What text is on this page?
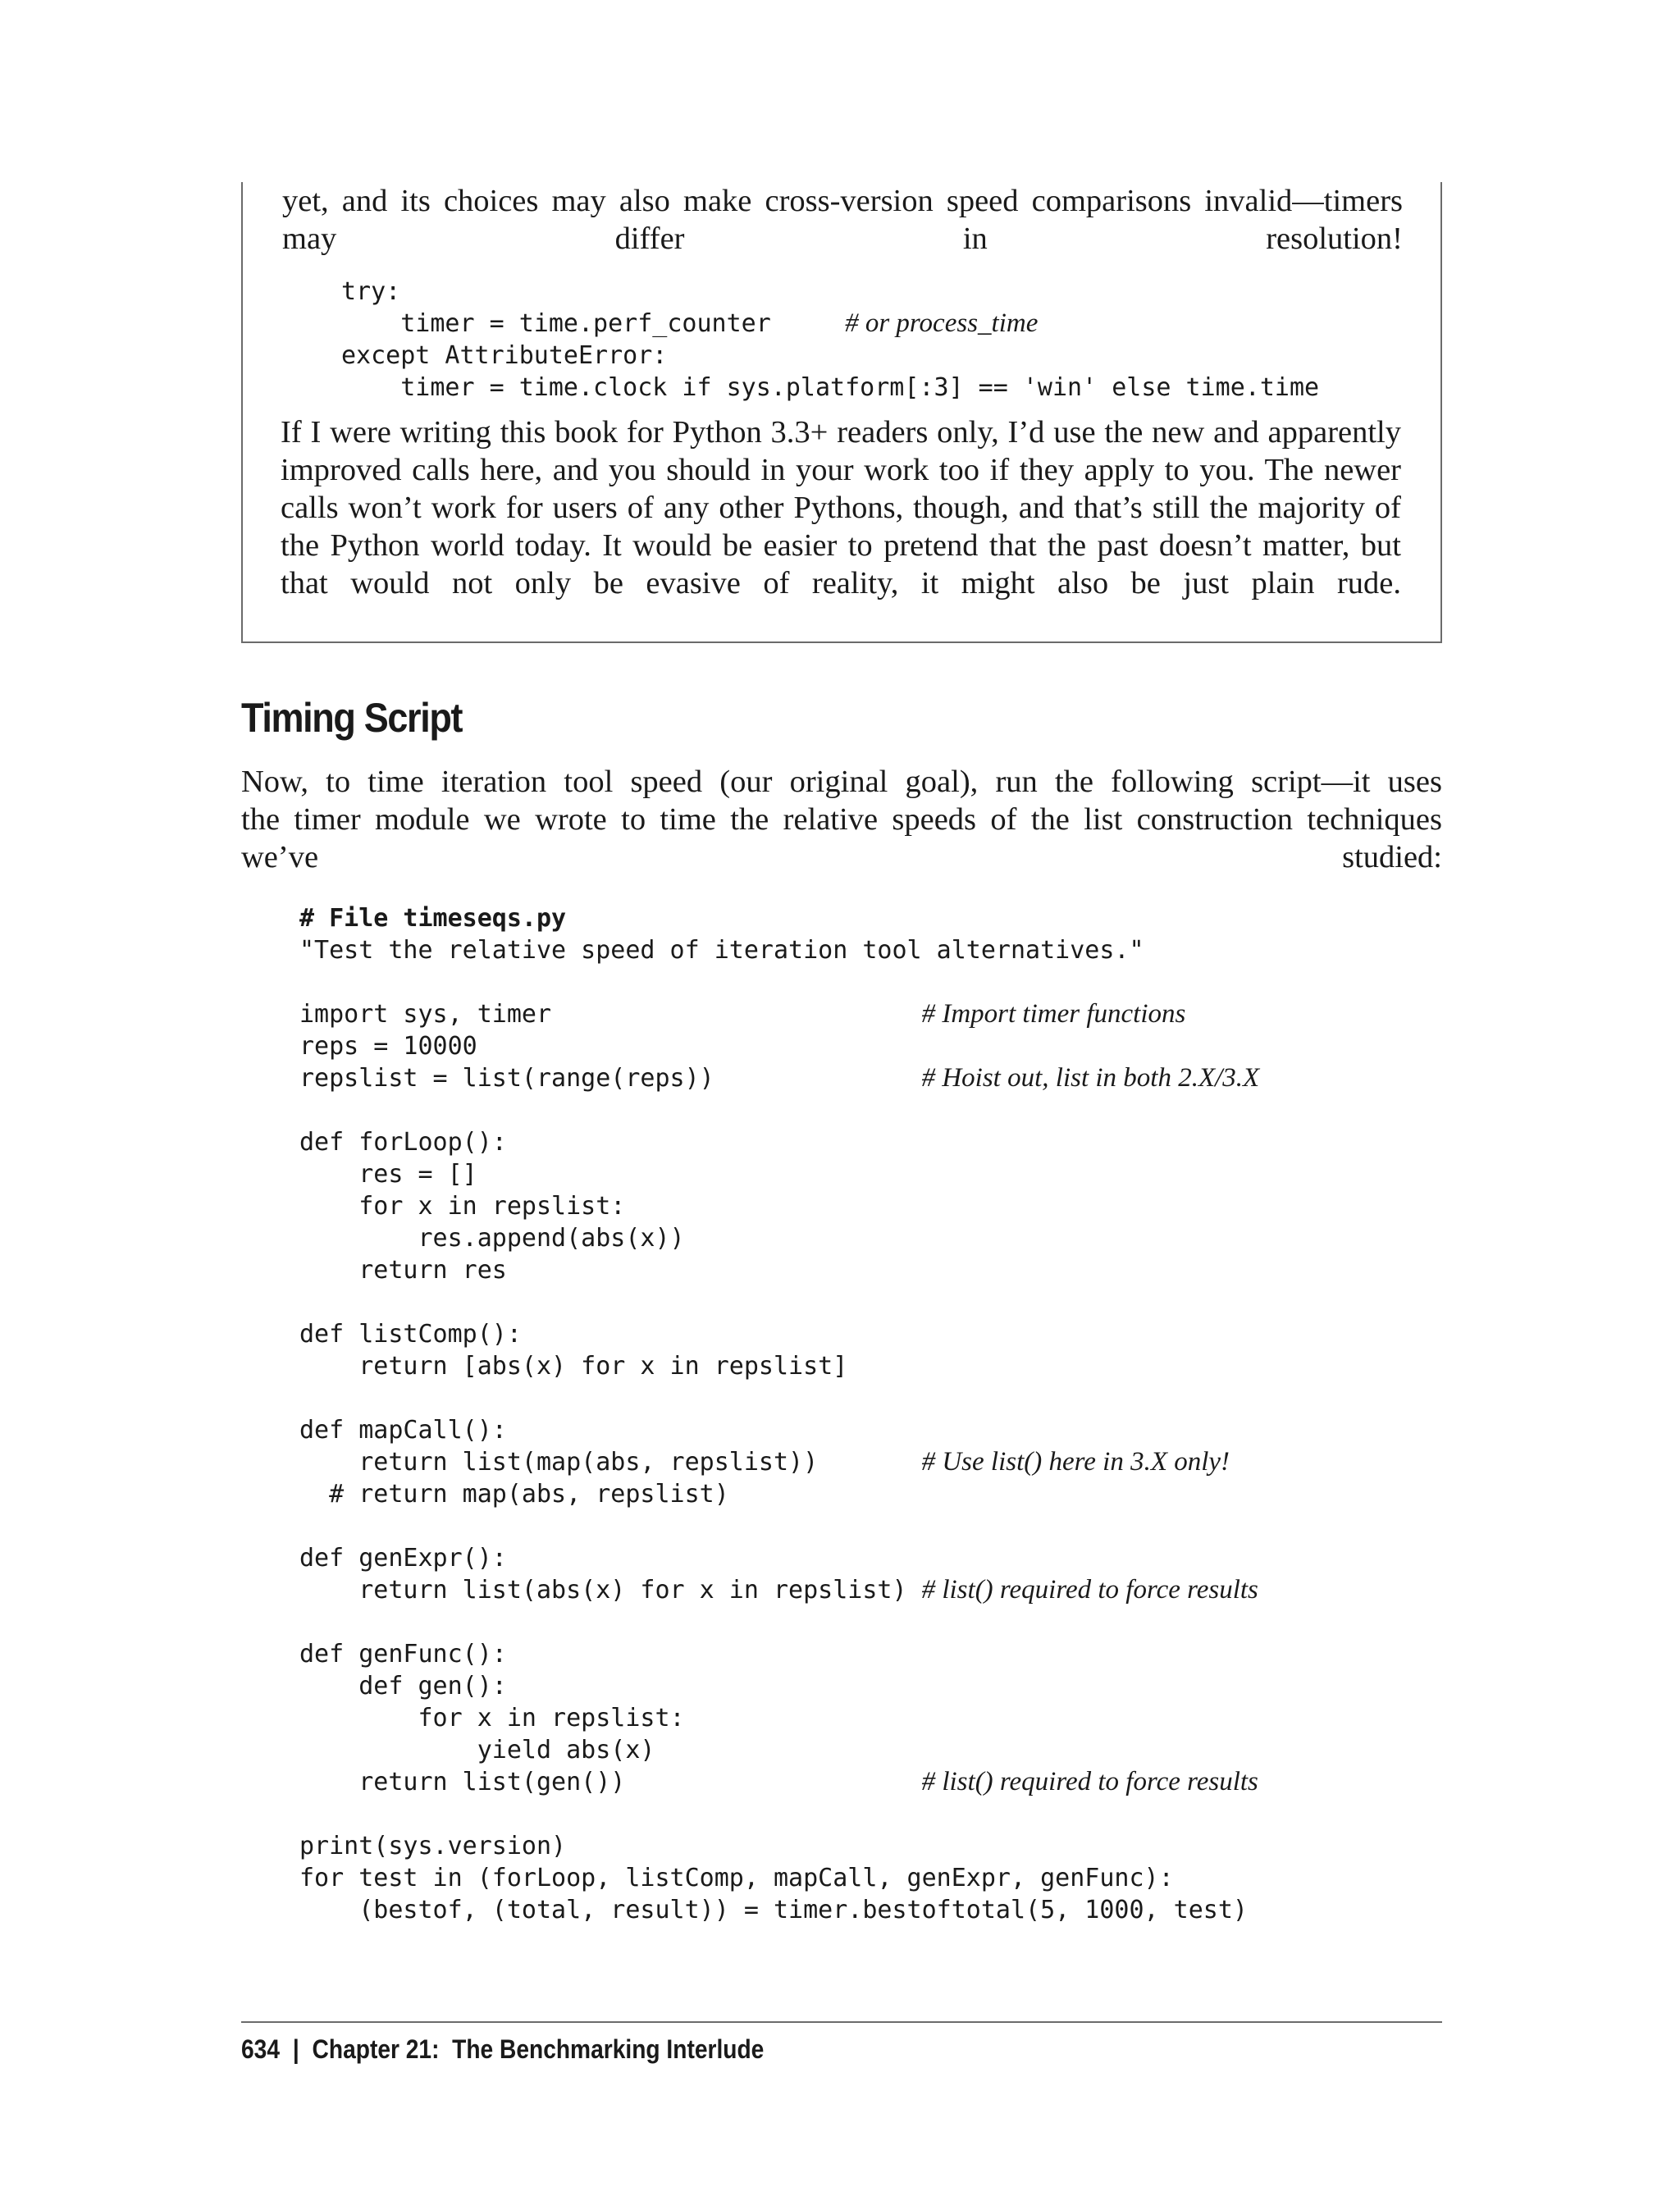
yet, and its choices may also make cross-version speed comparisons invalid—timers
may differ in resolution!

try:
timer = time.perf_counter     # or process_time
except AttributeError:
timer = time.clock if sys.platform[:3] == 'win' else time.time
If I were writing this book for Python 3.3+ readers only, I’d use the new and apparently
improved calls here, and you should in your work too if they apply to you. The newer
calls won’t work for users of any other Pythons, though, and that’s still the majority of
the Python world today. It would be easier to pretend that the past doesn’t matter, but
that would not only be evasive of reality, it might also be just plain rude.
Timing Script
Now, to time iteration tool speed (our original goal), run the following script—it uses
the timer module we wrote to time the relative speeds of the list construction techniques
we’ve studied:
# File timeseqs.py
"Test the relative speed of iteration tool alternatives."

import sys, timer                         # Import timer functions
reps = 10000
repslist = list(range(reps))              # Hoist out, list in both 2.X/3.X

def forLoop():
res = []
for x in repslist:
res.append(abs(x))
return res

def listComp():
return [abs(x) for x in repslist]

def mapCall():
return list(map(abs, repslist))       # Use list() here in 3.X only!
# return map(abs, repslist)

def genExpr():
return list(abs(x) for x in repslist) # list() required to force results

def genFunc():
def gen():
for x in repslist:
yield abs(x)
return list(gen())                    # list() required to force results

print(sys.version)
for test in (forLoop, listComp, mapCall, genExpr, genFunc):
(bestof, (total, result)) = timer.bestoftotal(5, 1000, test)
634 | Chapter 21:  The Benchmarking Interlude
